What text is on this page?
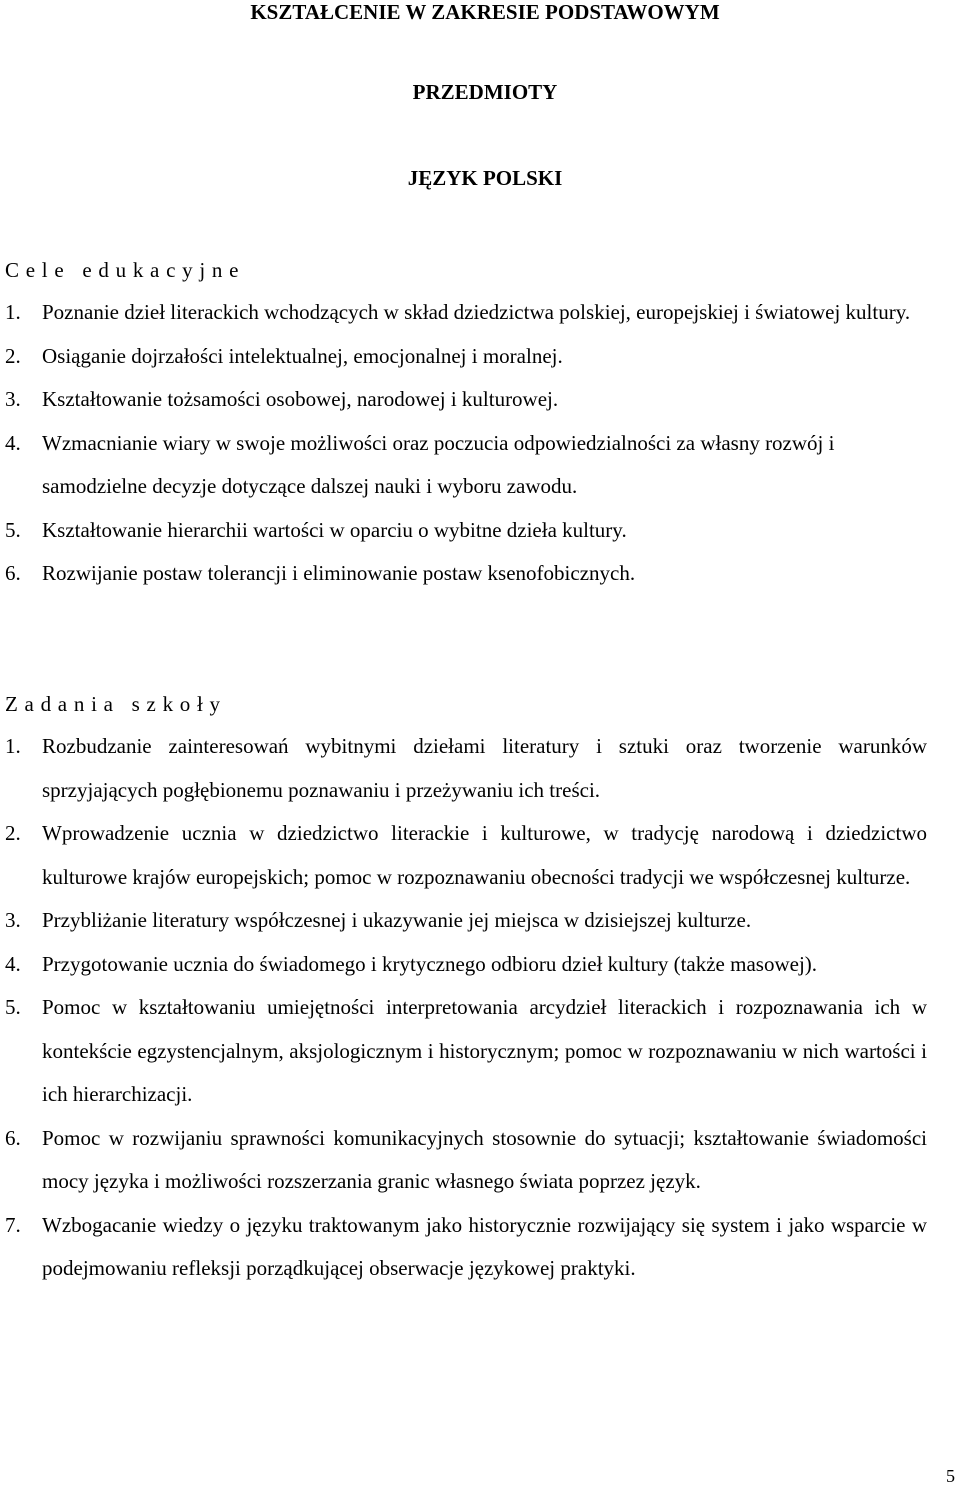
KSZTAŁCENIE W ZAKRESIE PODSTAWOWYM
PRZEDMIOTY
JĘZYK POLSKI

Cele edukacyjne

1. Poznanie dzieł literackich wchodzących w skład dziedzictwa polskiej, europejskiej i światowej kultury.
2. Osiąganie dojrzałości intelektualnej, emocjonalnej i moralnej.
3. Kształtowanie tożsamości osobowej, narodowej i kulturowej.
4. Wzmacnianie wiary w swoje możliwości oraz poczucia odpowiedzialności za własny rozwój i samodzielne decyzje dotyczące dalszej nauki i wyboru zawodu.
5. Kształtowanie hierarchii wartości w oparciu o wybitne dzieła kultury.
6. Rozwijanie postaw tolerancji i eliminowanie postaw ksenofobicznych.

Zadania szkoły

1. Rozbudzanie zainteresowań wybitnymi dziełami literatury i sztuki oraz tworzenie warunków sprzyjających pogłębionemu poznawaniu i przeżywaniu ich treści.
2. Wprowadzenie ucznia w dziedzictwo literackie i kulturowe, w tradycję narodową i dziedzictwo kulturowe krajów europejskich; pomoc w rozpoznawaniu obecności tradycji we współczesnej kulturze.
3. Przybliżanie literatury współczesnej i ukazywanie jej miejsca w dzisiejszej kulturze.
4. Przygotowanie ucznia do świadomego i krytycznego odbioru dzieł kultury (także masowej).
5. Pomoc w kształtowaniu umiejętności interpretowania arcydzieł literackich i rozpoznawania ich w kontekście egzystencjalnym, aksjologicznym i historycznym; pomoc w rozpoznawaniu w nich wartości i ich hierarchizacji.
6. Pomoc w rozwijaniu sprawności komunikacyjnych stosownie do sytuacji; kształtowanie świadomości mocy języka i możliwości rozszerzania granic własnego świata poprzez język.
7. Wzbogacanie wiedzy o języku traktowanym jako historycznie rozwijający się system i jako wsparcie w podejmowaniu refleksji porządkującej obserwacje językowej praktyki.

5
